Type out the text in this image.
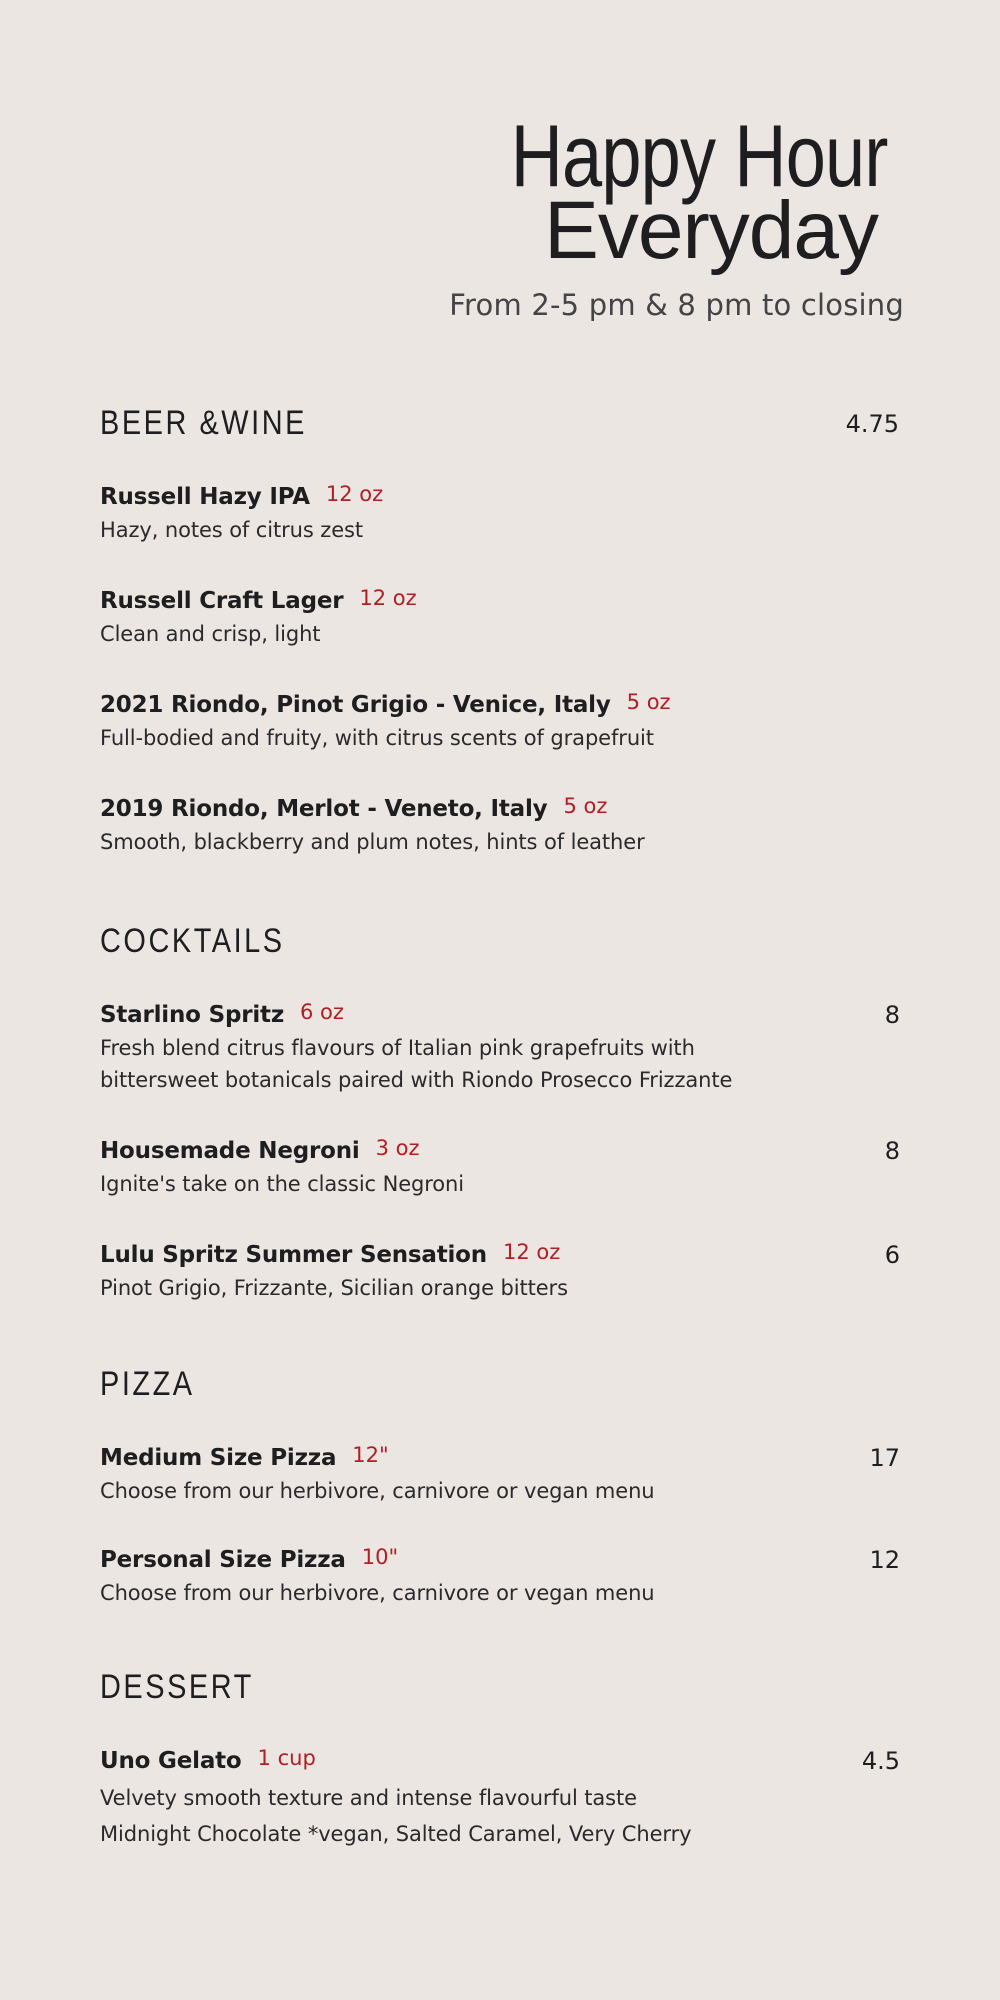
Happy Hour
Everyday
From 2-5 pm & 8 pm to closing
BEER &WINE	4.75
Russell Hazy IPA 12 oz
Hazy, notes of citrus zest
Russell Craft Lager 12 oz
Clean and crisp, light
2021 Riondo, Pinot Grigio - Venice, Italy 5 oz
Full-bodied and fruity, with citrus scents of grapefruit
2019 Riondo, Merlot - Veneto, Italy 5 oz
Smooth, blackberry and plum notes, hints of leather
COCKTAILS
Starlino Spritz 6 oz	8
Fresh blend citrus flavours of Italian pink grapefruits with
bittersweet botanicals paired with Riondo Prosecco Frizzante
Housemade Negroni 3 oz	8
Ignite's take on the classic Negroni
Lulu Spritz Summer Sensation 12 oz	6
Pinot Grigio, Frizzante, Sicilian orange bitters
PIZZA
Medium Size Pizza 12"	17
Choose from our herbivore, carnivore or vegan menu
Personal Size Pizza 10"	12
Choose from our herbivore, carnivore or vegan menu
DESSERT
Uno Gelato 1 cup	4.5
Velvety smooth texture and intense flavourful taste
Midnight Chocolate *vegan, Salted Caramel, Very Cherry
